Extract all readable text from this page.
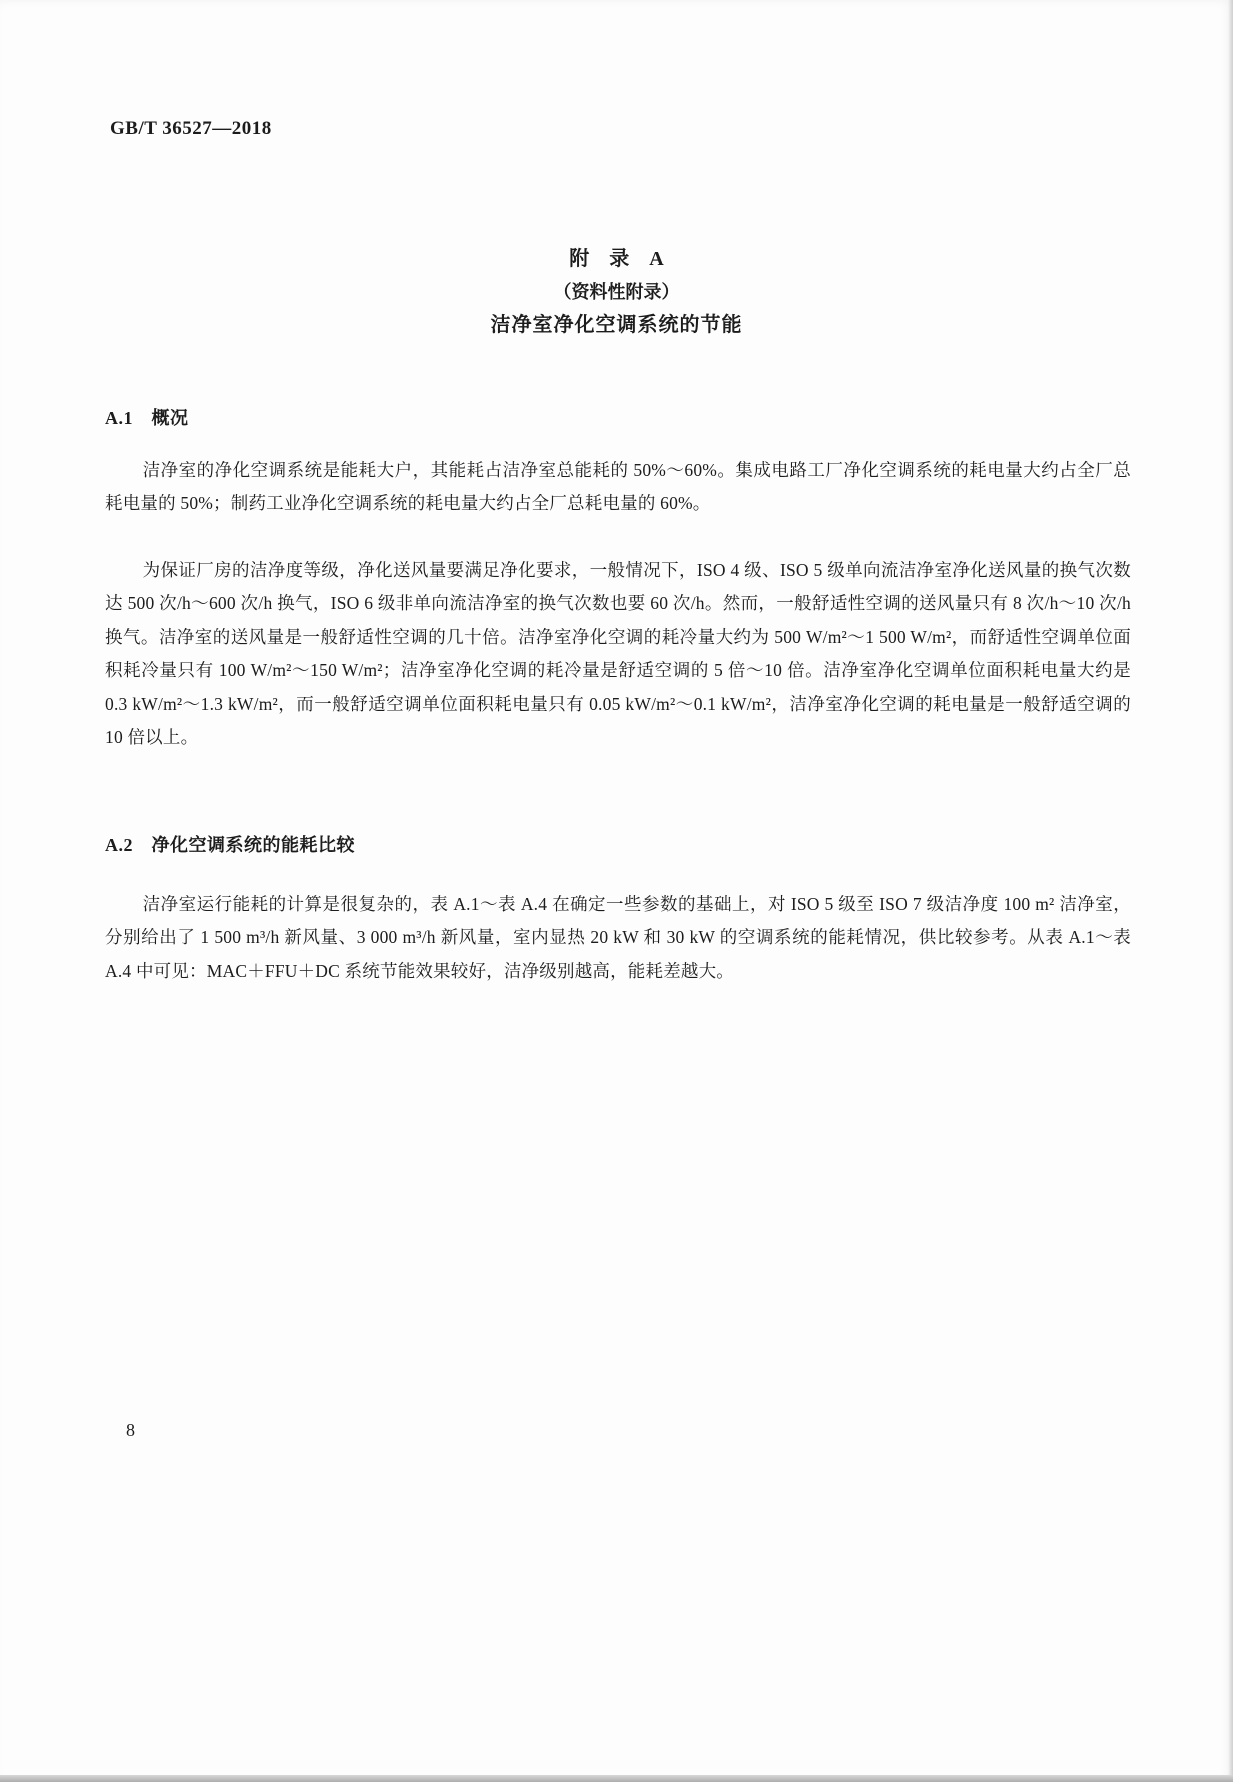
GB/T 36527—2018
附　录　A
（资料性附录）
洁净室净化空调系统的节能
A.1　概况
洁净室的净化空调系统是能耗大户，其能耗占洁净室总能耗的 50%～60%。集成电路工厂净化空调系统的耗电量大约占全厂总耗电量的 50%；制药工业净化空调系统的耗电量大约占全厂总耗电量的 60%。
为保证厂房的洁净度等级，净化送风量要满足净化要求，一般情况下，ISO 4 级、ISO 5 级单向流洁净室净化送风量的换气次数达 500 次/h～600 次/h 换气，ISO 6 级非单向流洁净室的换气次数也要 60 次/h。然而，一般舒适性空调的送风量只有 8 次/h～10 次/h 换气。洁净室的送风量是一般舒适性空调的几十倍。洁净室净化空调的耗冷量大约为 500 W/m²～1 500 W/m²，而舒适性空调单位面积耗冷量只有 100 W/m²～150 W/m²；洁净室净化空调的耗冷量是舒适空调的 5 倍～10 倍。洁净室净化空调单位面积耗电量大约是 0.3 kW/m²～1.3 kW/m²，而一般舒适空调单位面积耗电量只有 0.05 kW/m²～0.1 kW/m²，洁净室净化空调的耗电量是一般舒适空调的 10 倍以上。
A.2　净化空调系统的能耗比较
洁净室运行能耗的计算是很复杂的，表 A.1～表 A.4 在确定一些参数的基础上，对 ISO 5 级至 ISO 7 级洁净度 100 m² 洁净室，分别给出了 1 500 m³/h 新风量、3 000 m³/h 新风量，室内显热 20 kW 和 30 kW 的空调系统的能耗情况，供比较参考。从表 A.1～表 A.4 中可见：MAC＋FFU＋DC 系统节能效果较好，洁净级别越高，能耗差越大。
8
